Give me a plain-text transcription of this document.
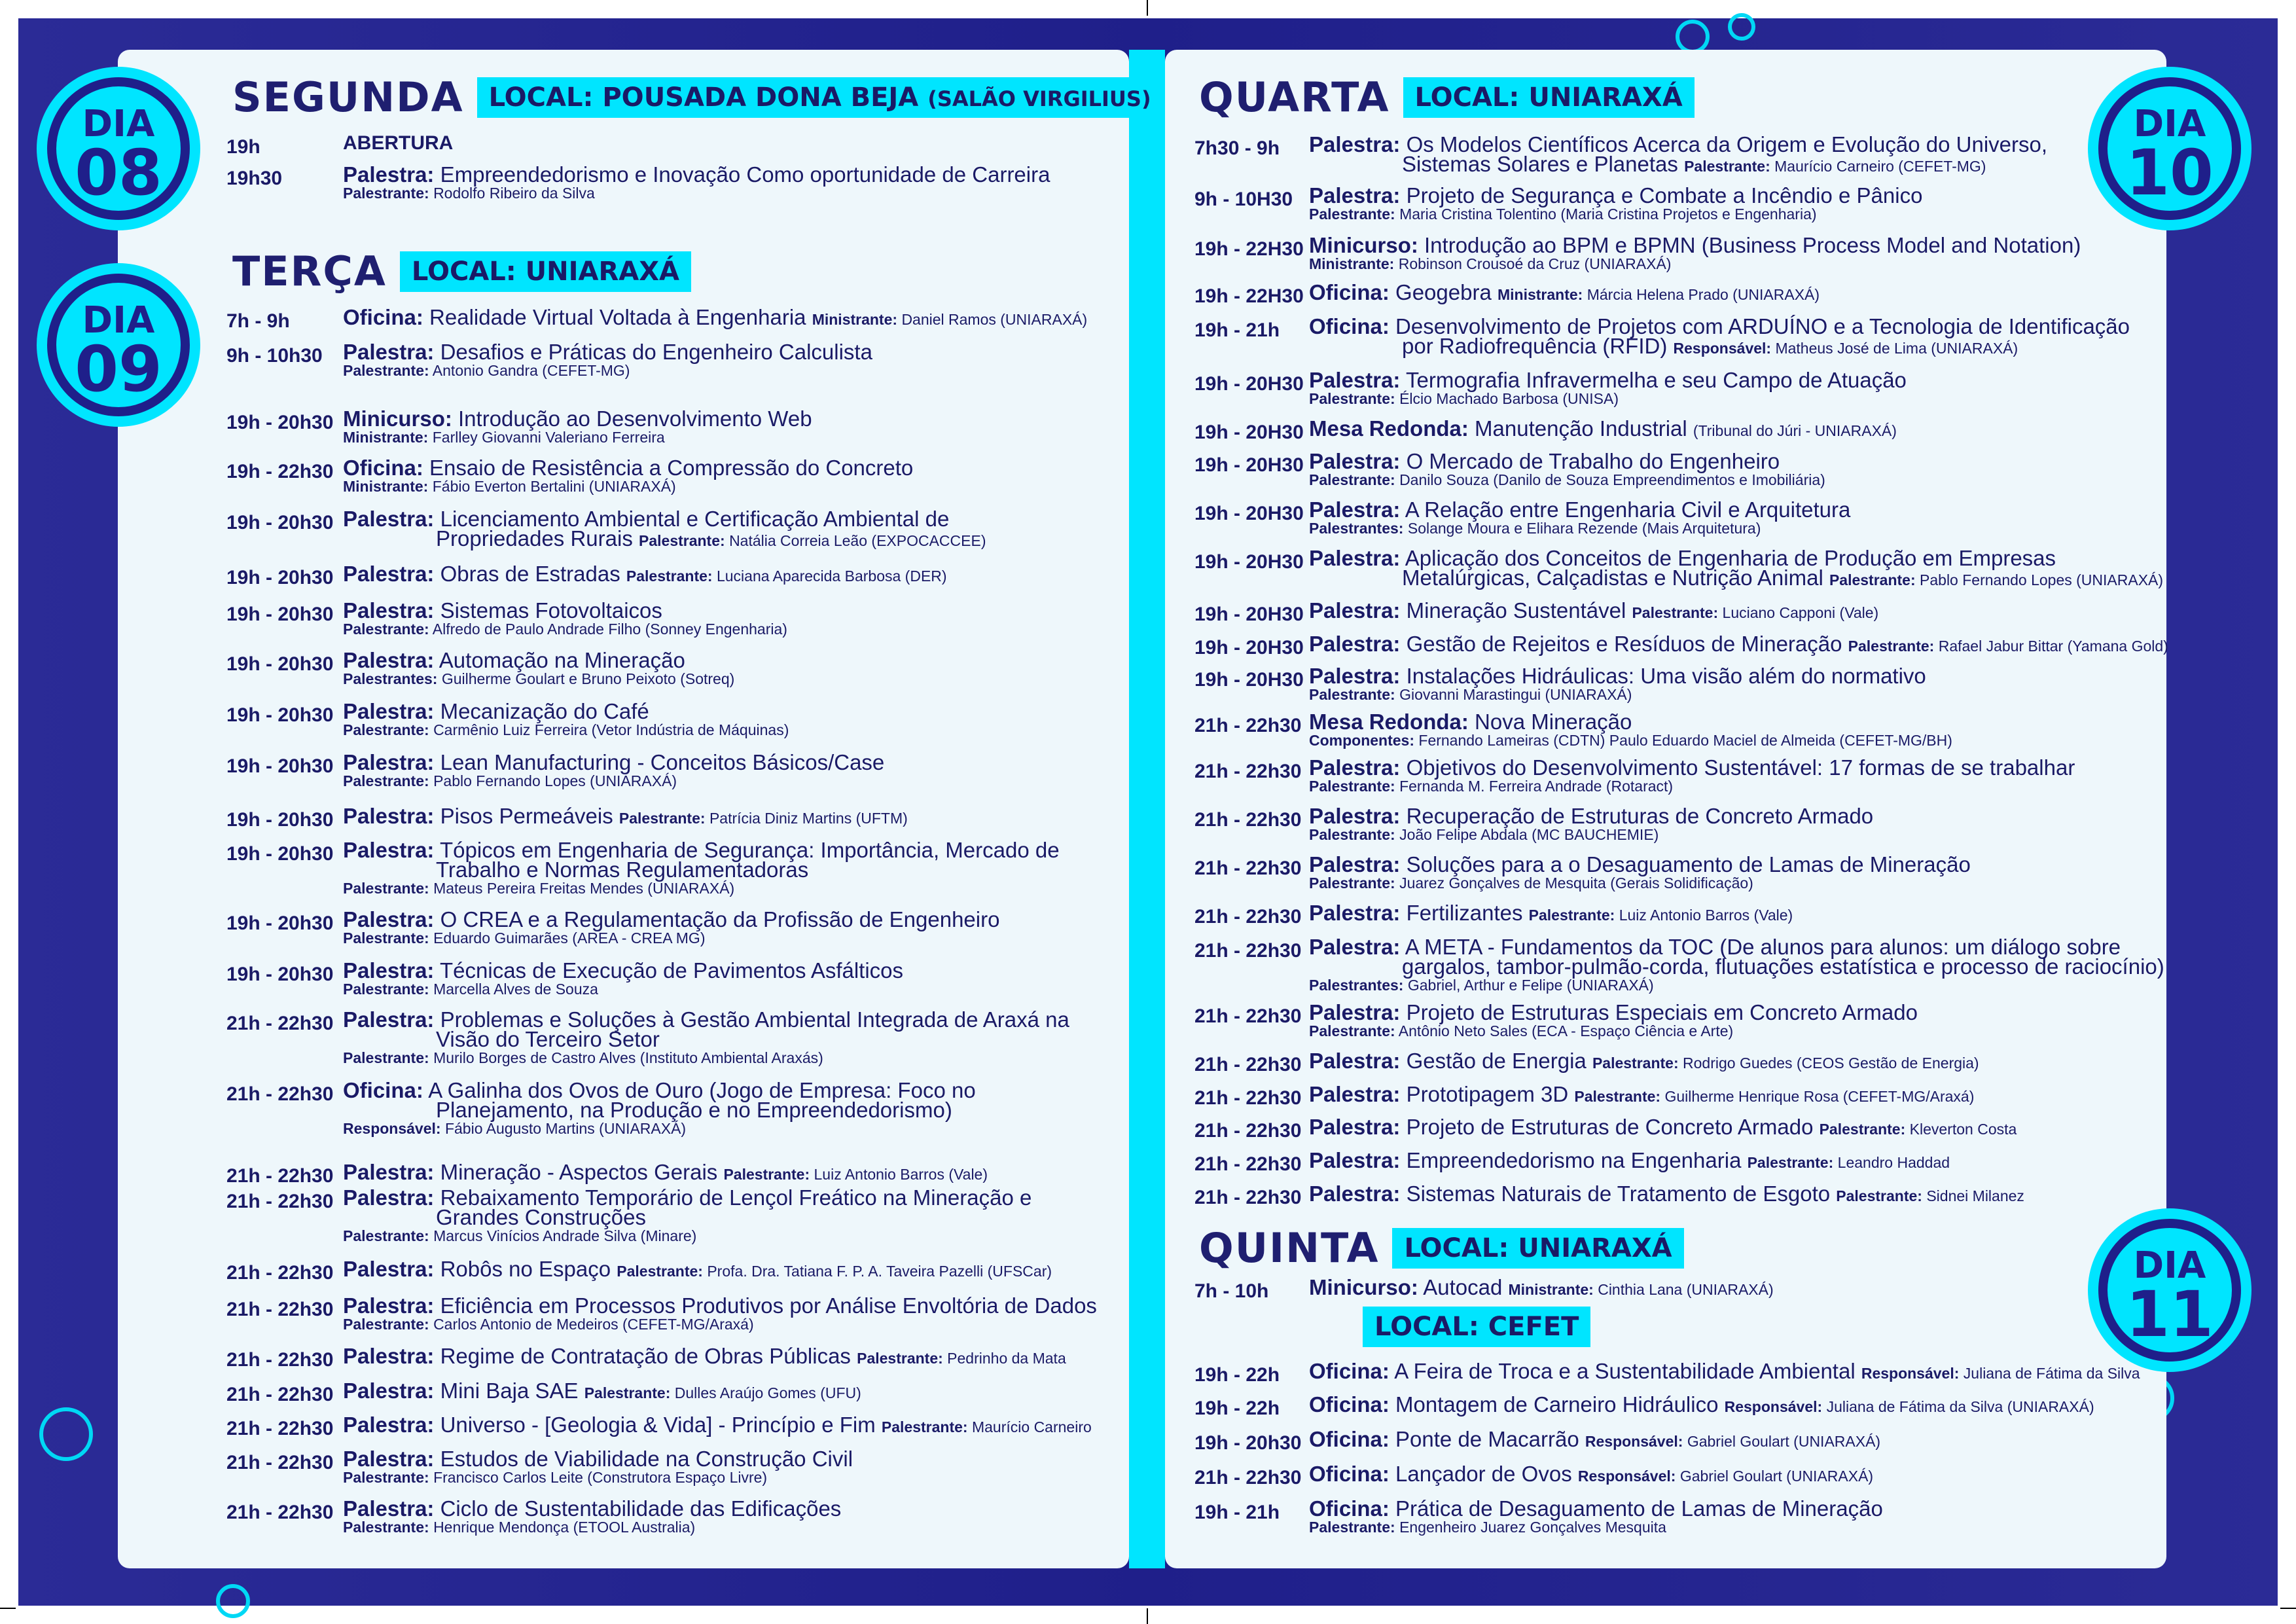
DIA
08
DIA
09
DIA
10
DIA
11
SEGUNDA LOCAL: POUSADA DONA BEJA (SALÃO VIRGILIUS)
19h	ABERTURA
19h30	Palestra: Empreendedorismo e Inovação Como oportunidade de Carreira
Palestrante: Rodolfo Ribeiro da Silva
TERÇA LOCAL: UNIARAXÁ
7h - 9h Oficina: Realidade Virtual Voltada à Engenharia Ministrante: Daniel Ramos (UNIARAXÁ)
9h - 10h30 Palestra: Desafios e Práticas do Engenheiro Calculista
Palestrante: Antonio Gandra (CEFET-MG)
19h - 20h30 Minicurso: Introdução ao Desenvolvimento Web
Ministrante: Farlley Giovanni Valeriano Ferreira
19h - 22h30 Oficina: Ensaio de Resistência a Compressão do Concreto
Ministrante: Fábio Everton Bertalini (UNIARAXÁ)
19h - 20h30 Palestra: Licenciamento Ambiental e Certificação Ambiental de
Propriedades Rurais Palestrante: Natália Correia Leão (EXPOCACCEE)
19h - 20h30 Palestra: Obras de Estradas Palestrante: Luciana Aparecida Barbosa (DER)
19h - 20h30 Palestra: Sistemas Fotovoltaicos
Palestrante: Alfredo de Paulo Andrade Filho (Sonney Engenharia)
19h - 20h30 Palestra: Automação na Mineração
Palestrantes: Guilherme Goulart e Bruno Peixoto (Sotreq)
19h - 20h30 Palestra: Mecanização do Café
Palestrante: Carmênio Luiz Ferreira (Vetor Indústria de Máquinas)
19h - 20h30 Palestra: Lean Manufacturing - Conceitos Básicos/Case
Palestrante: Pablo Fernando Lopes (UNIARAXÁ)
19h - 20h30 Palestra: Pisos Permeáveis Palestrante: Patrícia Diniz Martins (UFTM)
19h - 20h30 Palestra: Tópicos em Engenharia de Segurança: Importância, Mercado de
Trabalho e Normas Regulamentadoras
Palestrante: Mateus Pereira Freitas Mendes (UNIARAXÁ)
19h - 20h30 Palestra: O CREA e a Regulamentação da Profissão de Engenheiro
Palestrante: Eduardo Guimarães (AREA - CREA MG)
19h - 20h30 Palestra: Técnicas de Execução de Pavimentos Asfálticos
Palestrante: Marcella Alves de Souza
21h - 22h30 Palestra: Problemas e Soluções à Gestão Ambiental Integrada de Araxá na
Visão do Terceiro Setor
Palestrante: Murilo Borges de Castro Alves (Instituto Ambiental Araxás)
21h - 22h30 Oficina: A Galinha dos Ovos de Ouro (Jogo de Empresa: Foco no
Planejamento, na Produção e no Empreendedorismo)
Responsável: Fábio Augusto Martins (UNIARAXÁ)
21h - 22h30 Palestra: Mineração - Aspectos Gerais Palestrante: Luiz Antonio Barros (Vale)
21h - 22h30 Palestra: Rebaixamento Temporário de Lençol Freático na Mineração e
Grandes Construções
Palestrante: Marcus Vinícios Andrade Silva (Minare)
21h - 22h30 Palestra: Robôs no Espaço Palestrante: Profa. Dra. Tatiana F. P. A. Taveira Pazelli (UFSCar)
21h - 22h30 Palestra: Eficiência em Processos Produtivos por Análise Envoltória de Dados
Palestrante: Carlos Antonio de Medeiros (CEFET-MG/Araxá)
21h - 22h30 Palestra: Regime de Contratação de Obras Públicas Palestrante: Pedrinho da Mata
21h - 22h30 Palestra: Mini Baja SAE Palestrante: Dulles Araújo Gomes (UFU)
21h - 22h30 Palestra: Universo - [Geologia & Vida] - Princípio e Fim Palestrante: Maurício Carneiro
21h - 22h30 Palestra: Estudos de Viabilidade na Construção Civil
Palestrante: Francisco Carlos Leite (Construtora Espaço Livre)
21h - 22h30 Palestra: Ciclo de Sustentabilidade das Edificações
Palestrante: Henrique Mendonça (ETOOL Australia)
QUARTA LOCAL: UNIARAXÁ
7h30 - 9h Palestra: Os Modelos Científicos Acerca da Origem e Evolução do Universo,
Sistemas Solares e Planetas Palestrante: Maurício Carneiro (CEFET-MG)
9h - 10H30 Palestra: Projeto de Segurança e Combate a Incêndio e Pânico
Palestrante: Maria Cristina Tolentino (Maria Cristina Projetos e Engenharia)
19h - 22H30 Minicurso: Introdução ao BPM e BPMN (Business Process Model and Notation)
Ministrante: Robinson Crousoé da Cruz (UNIARAXÁ)
19h - 22H30 Oficina: Geogebra Ministrante: Márcia Helena Prado (UNIARAXÁ)
19h - 21h Oficina: Desenvolvimento de Projetos com ARDUÍNO e a Tecnologia de Identificação
por Radiofrequência (RFID) Responsável: Matheus José de Lima (UNIARAXÁ)
19h - 20H30 Palestra: Termografia Infravermelha e seu Campo de Atuação
Palestrante: Élcio Machado Barbosa (UNISA)
19h - 20H30 Mesa Redonda: Manutenção Industrial (Tribunal do Júri - UNIARAXÁ)
19h - 20H30 Palestra: O Mercado de Trabalho do Engenheiro
Palestrante: Danilo Souza (Danilo de Souza Empreendimentos e Imobiliária)
19h - 20H30 Palestra: A Relação entre Engenharia Civil e Arquitetura
Palestrantes: Solange Moura e Elihara Rezende (Mais Arquitetura)
19h - 20H30 Palestra: Aplicação dos Conceitos de Engenharia de Produção em Empresas
Metalúrgicas, Calçadistas e Nutrição Animal Palestrante: Pablo Fernando Lopes (UNIARAXÁ)
19h - 20H30 Palestra: Mineração Sustentável Palestrante: Luciano Capponi (Vale)
19h - 20H30 Palestra: Gestão de Rejeitos e Resíduos de Mineração Palestrante: Rafael Jabur Bittar (Yamana Gold)
19h - 20H30 Palestra: Instalações Hidráulicas: Uma visão além do normativo
Palestrante: Giovanni Marastingui (UNIARAXÁ)
21h - 22h30 Mesa Redonda: Nova Mineração
Componentes: Fernando Lameiras (CDTN) Paulo Eduardo Maciel de Almeida (CEFET-MG/BH)
21h - 22h30 Palestra: Objetivos do Desenvolvimento Sustentável: 17 formas de se trabalhar
Palestrante: Fernanda M. Ferreira Andrade (Rotaract)
21h - 22h30 Palestra: Recuperação de Estruturas de Concreto Armado
Palestrante: João Felipe Abdala (MC BAUCHEMIE)
21h - 22h30 Palestra: Soluções para a o Desaguamento de Lamas de Mineração
Palestrante: Juarez Gonçalves de Mesquita (Gerais Solidificação)
21h - 22h30 Palestra: Fertilizantes Palestrante: Luiz Antonio Barros (Vale)
21h - 22h30 Palestra: A META - Fundamentos da TOC (De alunos para alunos: um diálogo sobre
gargalos, tambor-pulmão-corda, flutuações estatística e processo de raciocínio)
Palestrantes: Gabriel, Arthur e Felipe (UNIARAXÁ)
21h - 22h30 Palestra: Projeto de Estruturas Especiais em Concreto Armado
Palestrante: Antônio Neto Sales (ECA - Espaço Ciência e Arte)
21h - 22h30 Palestra: Gestão de Energia Palestrante: Rodrigo Guedes (CEOS Gestão de Energia)
21h - 22h30 Palestra: Prototipagem 3D Palestrante: Guilherme Henrique Rosa (CEFET-MG/Araxá)
21h - 22h30 Palestra: Projeto de Estruturas de Concreto Armado Palestrante: Kleverton Costa
21h - 22h30 Palestra: Empreendedorismo na Engenharia Palestrante: Leandro Haddad
21h - 22h30 Palestra: Sistemas Naturais de Tratamento de Esgoto Palestrante: Sidnei Milanez
QUINTA LOCAL: UNIARAXÁ
LOCAL: CEFET
7h - 10h Minicurso: Autocad Ministrante: Cinthia Lana (UNIARAXÁ)
19h - 22h Oficina: A Feira de Troca e a Sustentabilidade Ambiental Responsável: Juliana de Fátima da Silva
19h - 22h Oficina: Montagem de Carneiro Hidráulico Responsável: Juliana de Fátima da Silva (UNIARAXÁ)
19h - 20h30 Oficina: Ponte de Macarrão Responsável: Gabriel Goulart (UNIARAXÁ)
21h - 22h30 Oficina: Lançador de Ovos Responsável: Gabriel Goulart (UNIARAXÁ)
19h - 21h Oficina: Prática de Desaguamento de Lamas de Mineração
Palestrante: Engenheiro Juarez Gonçalves Mesquita
